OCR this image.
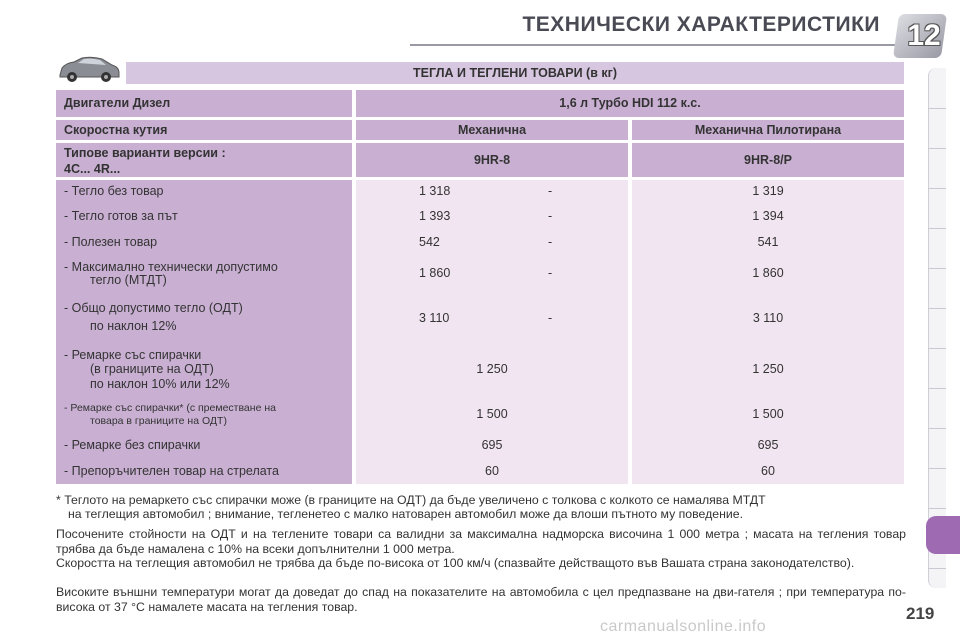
ТЕХНИЧЕСКИ ХАРАКТЕРИСТИКИ 12
ТЕГЛА И ТЕГЛЕНИ ТОВАРИ (в кг)
Двигатели Дизел	1,6 л Турбо HDI 112 к.с.
Скоростна кутия	Механична	Механична Пилотирана
Типове варианти версии :
4C... 4R...
9HR-8	9HR-8/P
- Тегло без товар	1 318	-	1 319
- Тегло готов за път	1 393	-	1 394
- Полезен товар	542	-	541
- Максимално технически допустимо
тегло (МТДТ)	1 860	-	1 860
- Общо допустимо тегло (ОДТ)
по наклон 12%
3 110	-	3 110
- Ремарке със спирачки
(в границите на ОДТ)
по наклон 10% или 12%
1 250	1 250
- Ремарке със спирачки* (с преместване на
товара в границите на ОДТ)	1 500	1 500
- Ремарке без спирачки	695	695
- Препоръчителен товар на стрелата	60	60
* Теглото на ремаркето със спирачки може (в границите на ОДТ) да бъде увеличено с толкова с колкото се намалява МТДТ
на теглещия автомобил ; внимание, тегленетео с малко натоварен автомобил може да влоши пътното му поведение.
Посочените стойности на ОДТ и на тегленитe товари са валидни за максимална надморска височина 1 000 метра ; масата на тегления товар трябва да бъде намалена с 10% на всеки допълнителни 1 000 метра.
Скоростта на теглещия автомобил не трябва да бъде по-висока от 100 км/ч (спазвайте действащото във Вашата страна законодателство).
Високите външни температури могат да доведат до спад на показателите на автомобила с цел предпазване на дви-гателя ; при температура по-висока от 37 °C намалете масата на тегления товар.	219
carmanualsonline.info
